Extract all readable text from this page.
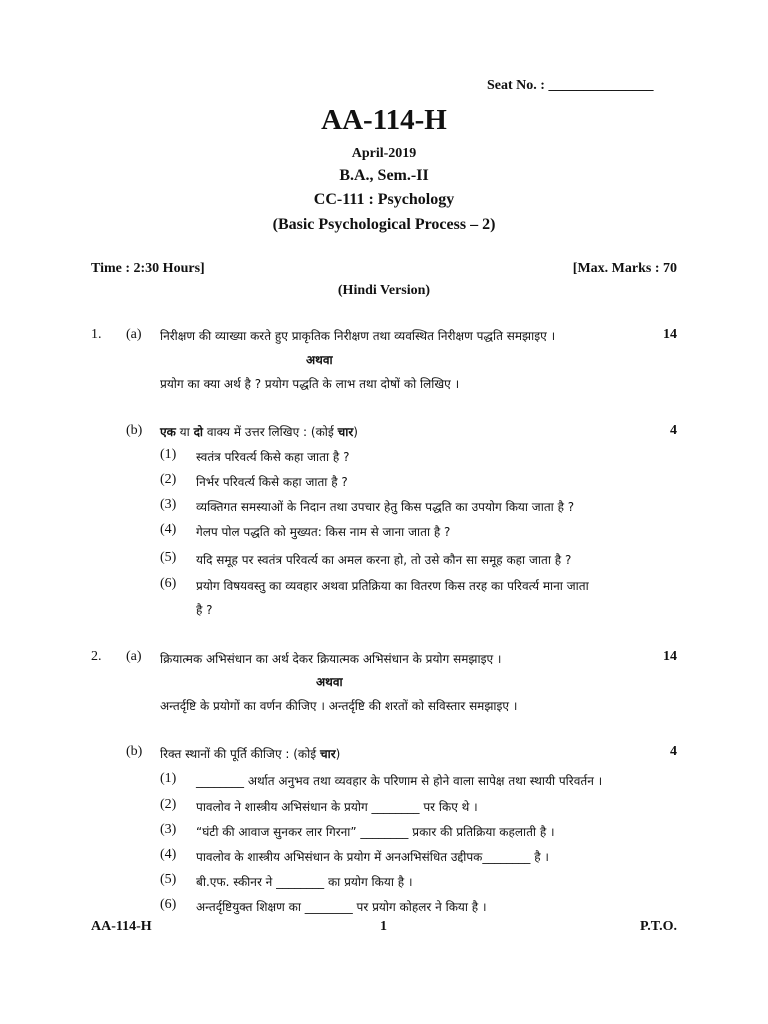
Seat No. : _______________
AA-114-H
April-2019
B.A., Sem.-II
CC-111 : Psychology
(Basic Psychological Process – 2)
Time : 2:30 Hours]	[Max. Marks : 70
(Hindi Version)
1. (a) निरीक्षण की व्याख्या करते हुए प्राकृतिक निरीक्षण तथा व्यवस्थित निरीक्षण पद्धति समझाइए ।	14
अथवा
प्रयोग का क्या अर्थ है ? प्रयोग पद्धति के लाभ तथा दोषों को लिखिए ।
(b) एक या दो वाक्य में उत्तर लिखिए : (कोई चार)	4
(1) स्वतंत्र परिवर्त्य किसे कहा जाता है ?
(2) निर्भर परिवर्त्य किसे कहा जाता है ?
(3) व्यक्तिगत समस्याओं के निदान तथा उपचार हेतु किस पद्धति का उपयोग किया जाता है ?
(4) गेलप पोल पद्धति को मुख्यत: किस नाम से जाना जाता है ?
(5) यदि समूह पर स्वतंत्र परिवर्त्य का अमल करना हो, तो उसे कौन सा समूह कहा जाता है ?
(6) प्रयोग विषयवस्तु का व्यवहार अथवा प्रतिक्रिया का वितरण किस तरह का परिवर्त्य माना जाता
है ?
2. (a) क्रियात्मक अभिसंधान का अर्थ देकर क्रियात्मक अभिसंधान के प्रयोग समझाइए ।	14
अथवा
अन्तर्दृष्टि के प्रयोगों का वर्णन कीजिए । अन्तर्दृष्टि की शरतों को सविस्तार समझाइए ।
(b) रिक्त स्थानों की पूर्ति कीजिए : (कोई चार)	4
(1) ________ अर्थात अनुभव तथा व्यवहार के परिणाम से होने वाला सापेक्ष तथा स्थायी परिवर्तन ।
(2) पावलोव ने शास्त्रीय अभिसंधान के प्रयोग ________ पर किए थे ।
(3) “घंटी की आवाज सुनकर लार गिरना” ________ प्रकार की प्रतिक्रिया कहलाती है ।
(4) पावलोव के शास्त्रीय अभिसंधान के प्रयोग में अनअभिसंधित उद्दीपक________ है ।
(5) बी.एफ. स्कीनर ने ________ का प्रयोग किया है ।
(6) अन्तर्दृष्टियुक्त शिक्षण का ________ पर प्रयोग कोहलर ने किया है ।
AA-114-H	1	P.T.O.
